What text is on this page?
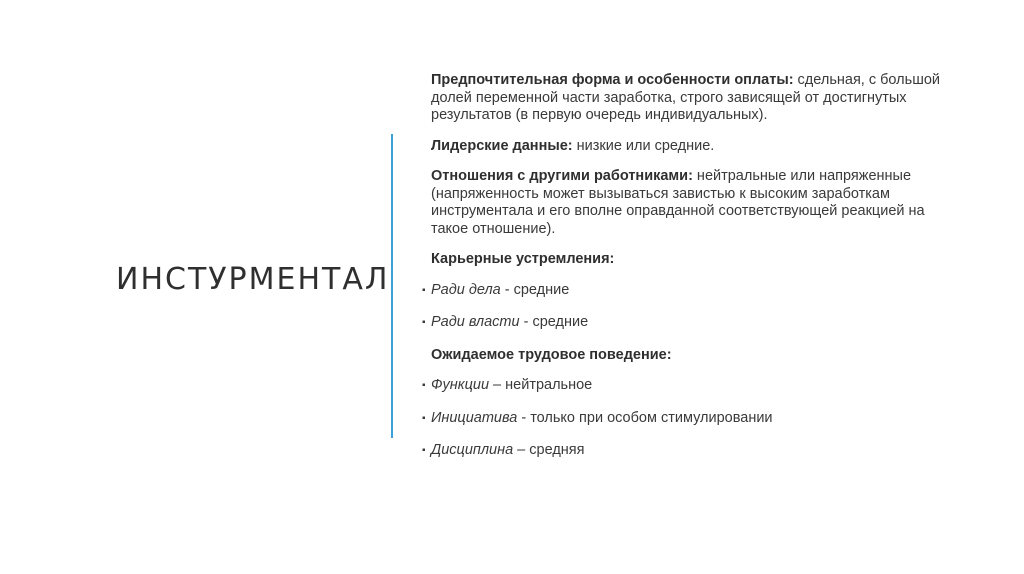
ИНСТУРМЕНТАЛ

Предпочтительная форма и особенности оплаты: сдельная, с большой долей переменной части заработка, строго зависящей от достигнутых результатов (в первую очередь индивидуальных).

Лидерские данные: низкие или средние.

Отношения с другими работниками: нейтральные или напряженные (напряженность может вызываться завистью к высоким заработкам инструментала и его вполне оправданной соответствующей реакцией на такое отношение).

Карьерные устремления:

▪ Ради дела - средние
▪ Ради власти - средние

Ожидаемое трудовое поведение:

▪ Функции – нейтральное
▪ Инициатива - только при особом стимулировании
▪ Дисциплина – средняя
